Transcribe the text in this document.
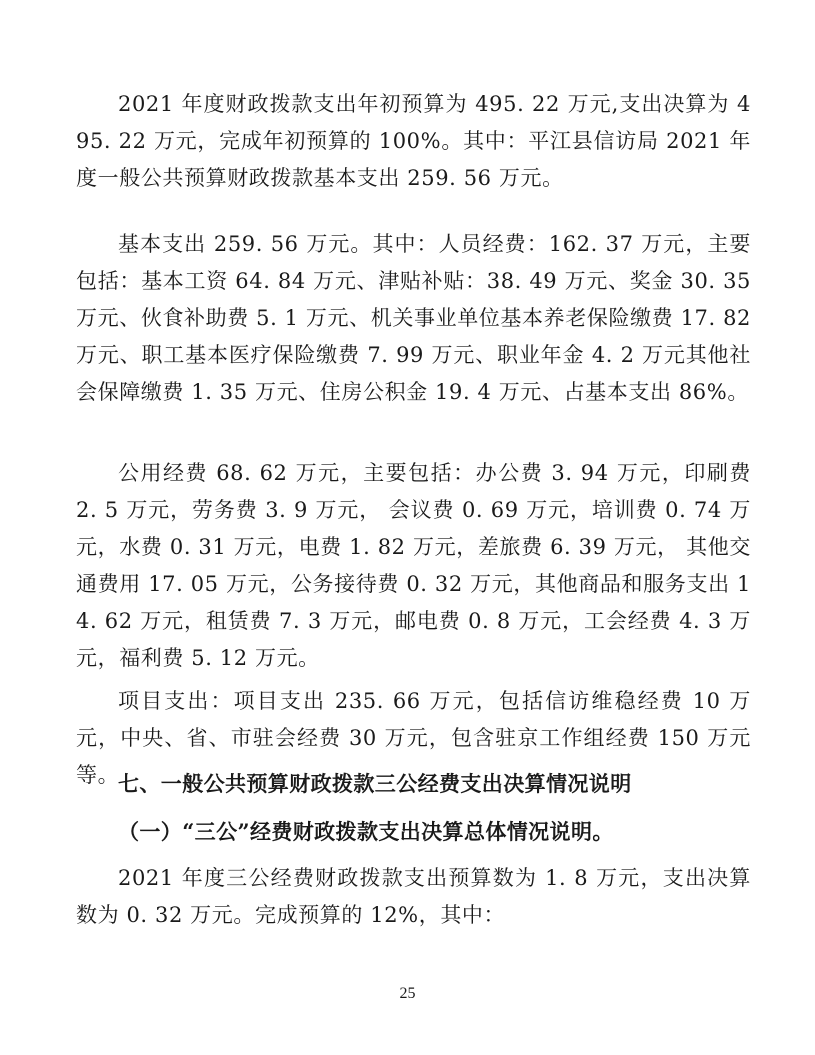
2021 年度财政拨款支出年初预算为 495. 22 万元,支出决算为 495. 22 万元，完成年初预算的 100%。其中：平江县信访局 2021 年度一般公共预算财政拨款基本支出 259. 56 万元。

基本支出 259. 56 万元。其中：人员经费：162. 37 万元，主要包括：基本工资 64. 84 万元、津贴补贴：38. 49 万元、奖金 30. 35 万元、伙食补助费 5. 1 万元、机关事业单位基本养老保险缴费 17. 82 万元、职工基本医疗保险缴费 7. 99 万元、职业年金 4. 2 万元其他社会保障缴费 1. 35 万元、住房公积金 19. 4 万元、占基本支出 86%。

公用经费 68. 62 万元，主要包括：办公费 3. 94 万元，印刷费 2. 5 万元，劳务费 3. 9 万元， 会议费 0. 69 万元，培训费 0. 74 万元，水费 0. 31 万元，电费 1. 82 万元，差旅费 6. 39 万元， 其他交通费用 17. 05 万元，公务接待费 0. 32 万元，其他商品和服务支出 14. 62 万元，租赁费 7. 3 万元，邮电费 0. 8 万元，工会经费 4. 3 万元，福利费 5. 12 万元。

项目支出：项目支出 235. 66 万元，包括信访维稳经费 10 万元，中央、省、市驻会经费 30 万元，包含驻京工作组经费 150 万元等。

七、一般公共预算财政拨款三公经费支出决算情况说明
（一）“三公”经费财政拨款支出决算总体情况说明。

2021 年度三公经费财政拨款支出预算数为 1. 8 万元，支出决算数为 0. 32 万元。完成预算的 12%，其中：

25
